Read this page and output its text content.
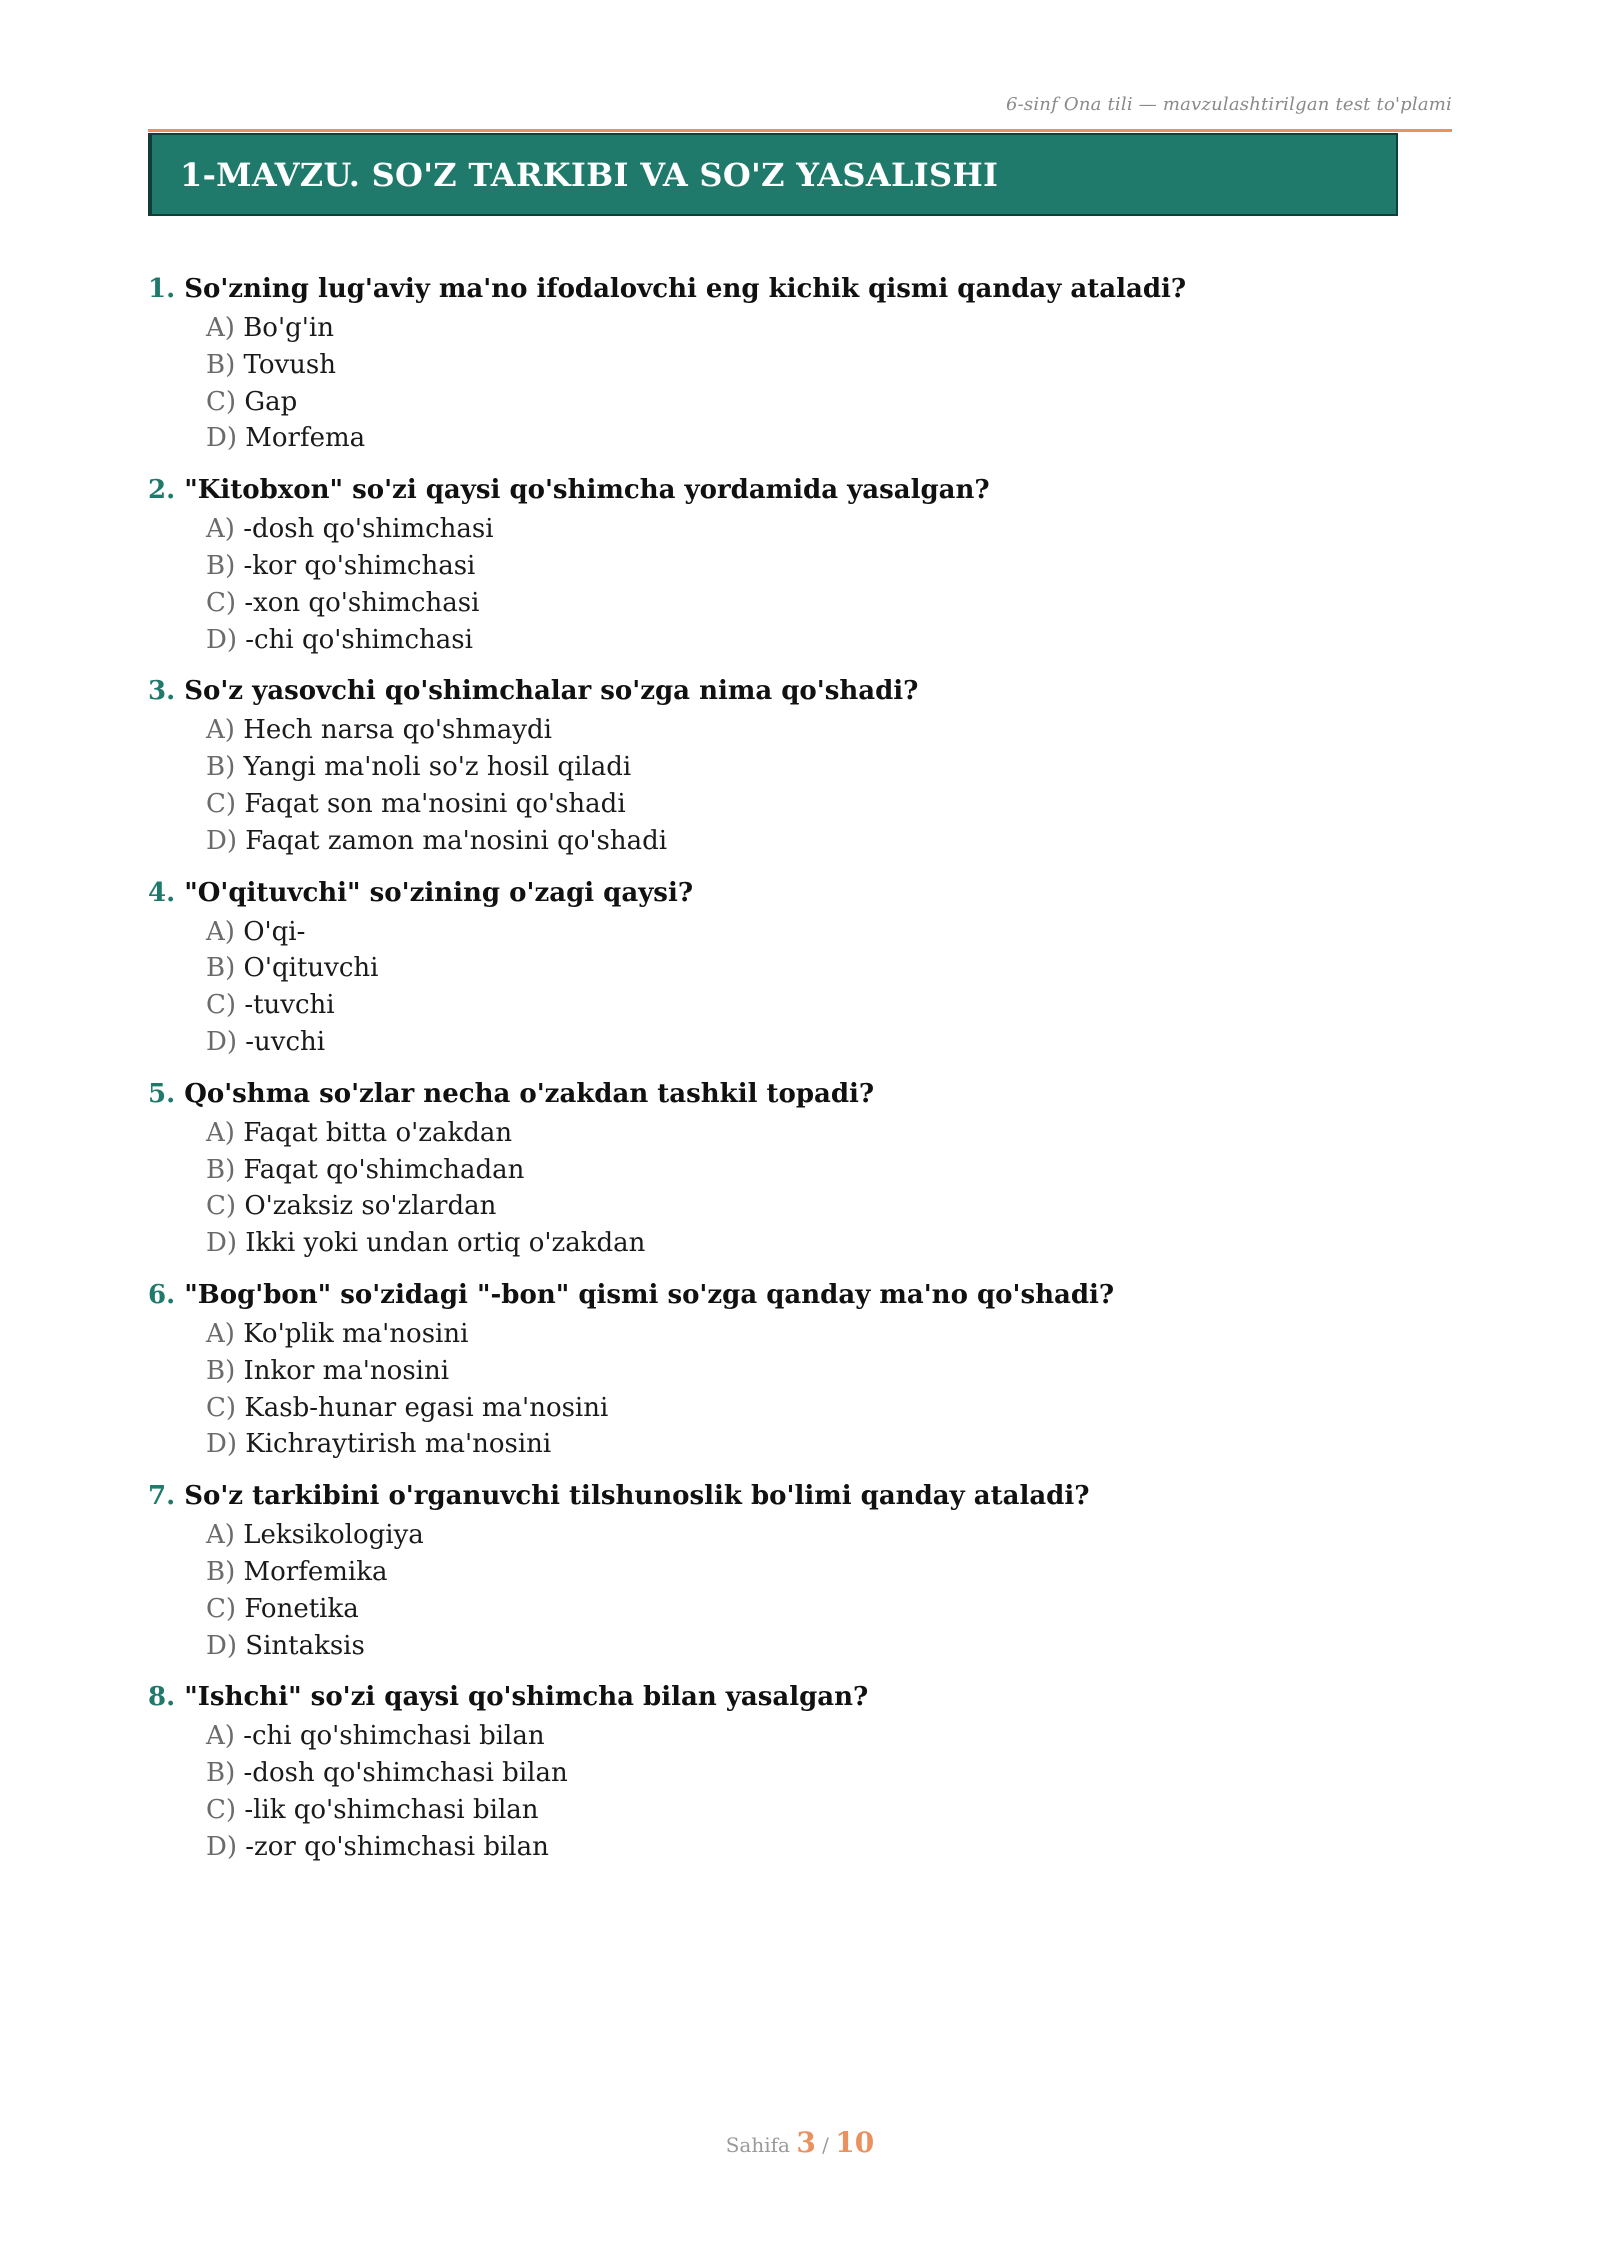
6-sinf Ona tili — mavzulashtirilgan test to'plami
1-MAVZU. SO'Z TARKIBI VA SO'Z YASALISHI
1. So'zning lug'aviy ma'no ifodalovchi eng kichik qismi qanday ataladi?
A) Bo'g'in
B) Tovush
C) Gap
D) Morfema
2. "Kitobxon" so'zi qaysi qo'shimcha yordamida yasalgan?
A) -dosh qo'shimchasi
B) -kor qo'shimchasi
C) -xon qo'shimchasi
D) -chi qo'shimchasi
3. So'z yasovchi qo'shimchalar so'zga nima qo'shadi?
A) Hech narsa qo'shmaydi
B) Yangi ma'noli so'z hosil qiladi
C) Faqat son ma'nosini qo'shadi
D) Faqat zamon ma'nosini qo'shadi
4. "O'qituvchi" so'zining o'zagi qaysi?
A) O'qi-
B) O'qituvchi
C) -tuvchi
D) -uvchi
5. Qo'shma so'zlar necha o'zakdan tashkil topadi?
A) Faqat bitta o'zakdan
B) Faqat qo'shimchadan
C) O'zaksiz so'zlardan
D) Ikki yoki undan ortiq o'zakdan
6. "Bog'bon" so'zidagi "-bon" qismi so'zga qanday ma'no qo'shadi?
A) Ko'plik ma'nosini
B) Inkor ma'nosini
C) Kasb-hunar egasi ma'nosini
D) Kichraytirish ma'nosini
7. So'z tarkibini o'rganuvchi tilshunoslik bo'limi qanday ataladi?
A) Leksikologiya
B) Morfemika
C) Fonetika
D) Sintaksis
8. "Ishchi" so'zi qaysi qo'shimcha bilan yasalgan?
A) -chi qo'shimchasi bilan
B) -dosh qo'shimchasi bilan
C) -lik qo'shimchasi bilan
D) -zor qo'shimchasi bilan
Sahifa 3 / 10
